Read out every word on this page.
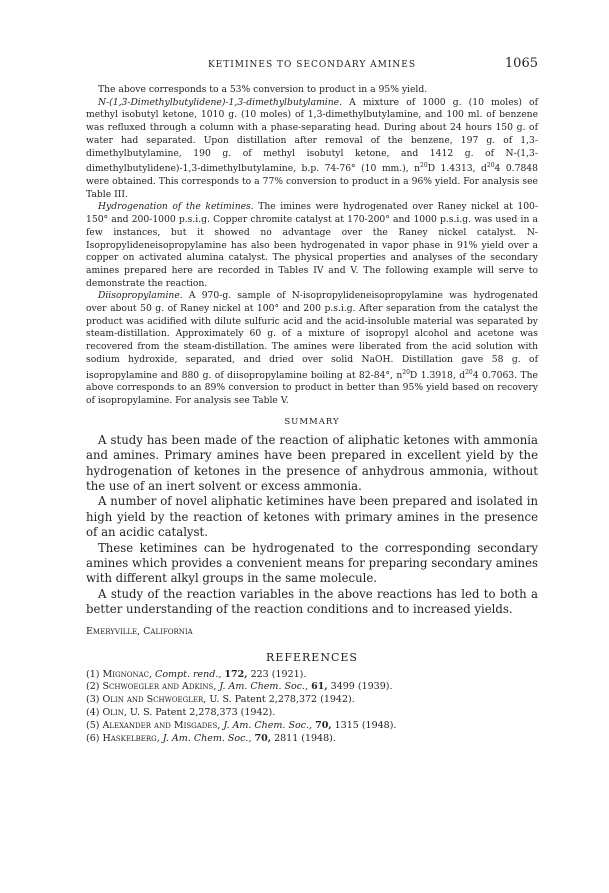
KETIMINES TO SECONDARY AMINES	1065

The above corresponds to a 53% conversion to product in a 95% yield.

N-(1,3-Dimethylbutylidene)-1,3-dimethylbutylamine. A mixture of 1000 g. (10 moles) of methyl isobutyl ketone, 1010 g. (10 moles) of 1,3-dimethylbutylamine, and 100 ml. of benzene was refluxed through a column with a phase-separating head. During about 24 hours 150 g. of water had separated. Upon distillation after removal of the benzene, 197 g. of 1,3-dimethylbutylamine, 190 g. of methyl isobutyl ketone, and 1412 g. of N-(1,3-dimethylbutylidene)-1,3-dimethylbutylamine, b.p. 74-76° (10 mm.), $n^{20}D$ 1.4313, $d^{20}4$ 0.7848 were obtained. This corresponds to a 77% conversion to product in a 96% yield. For analysis see Table III.

Hydrogenation of the ketimines. The imines were hydrogenated over Raney nickel at 100-150° and 200-1000 p.s.i.g. Copper chromite catalyst at 170-200° and 1000 p.s.i.g. was used in a few instances, but it showed no advantage over the Raney nickel catalyst. N-Isopropylideneisopropylamine has also been hydrogenated in vapor phase in 91% yield over a copper on activated alumina catalyst. The physical properties and analyses of the secondary amines prepared here are recorded in Tables IV and V. The following example will serve to demonstrate the reaction.

Diisopropylamine. A 970-g. sample of N-isopropylideneisopropylamine was hydrogenated over about 50 g. of Raney nickel at 100° and 200 p.s.i.g. After separation from the catalyst the product was acidified with dilute sulfuric acid and the acid-insoluble material was separated by steam-distillation. Approximately 60 g. of a mixture of isopropyl alcohol and acetone was recovered from the steam-distillation. The amines were liberated from the acid solution with sodium hydroxide, separated, and dried over solid NaOH. Distillation gave 58 g. of isopropylamine and 880 g. of diisopropylamine boiling at 82-84°, $n^{20}D$ 1.3918, $d^{20}4$ 0.7063. The above corresponds to an 89% conversion to product in better than 95% yield based on recovery of isopropylamine. For analysis see Table V.

SUMMARY

A study has been made of the reaction of aliphatic ketones with ammonia and amines. Primary amines have been prepared in excellent yield by the hydrogenation of ketones in the presence of anhydrous ammonia, without the use of an inert solvent or excess ammonia.

A number of novel aliphatic ketimines have been prepared and isolated in high yield by the reaction of ketones with primary amines in the presence of an acidic catalyst.

These ketimines can be hydrogenated to the corresponding secondary amines which provides a convenient means for preparing secondary amines with different alkyl groups in the same molecule.

A study of the reaction variables in the above reactions has led to both a better understanding of the reaction conditions and to increased yields.

Emeryville, California
REFERENCES
(1) Mignonac, Compt. rend., 172, 223 (1921).
(2) Schwoegler and Adkins, J. Am. Chem. Soc., 61, 3499 (1939).
(3) Olin and Schwoegler, U. S. Patent 2,278,372 (1942).
(4) Olin, U. S. Patent 2,278,373 (1942).
(5) Alexander and Misgades, J. Am. Chem. Soc., 70, 1315 (1948).
(6) Haskelberg, J. Am. Chem. Soc., 70, 2811 (1948).
